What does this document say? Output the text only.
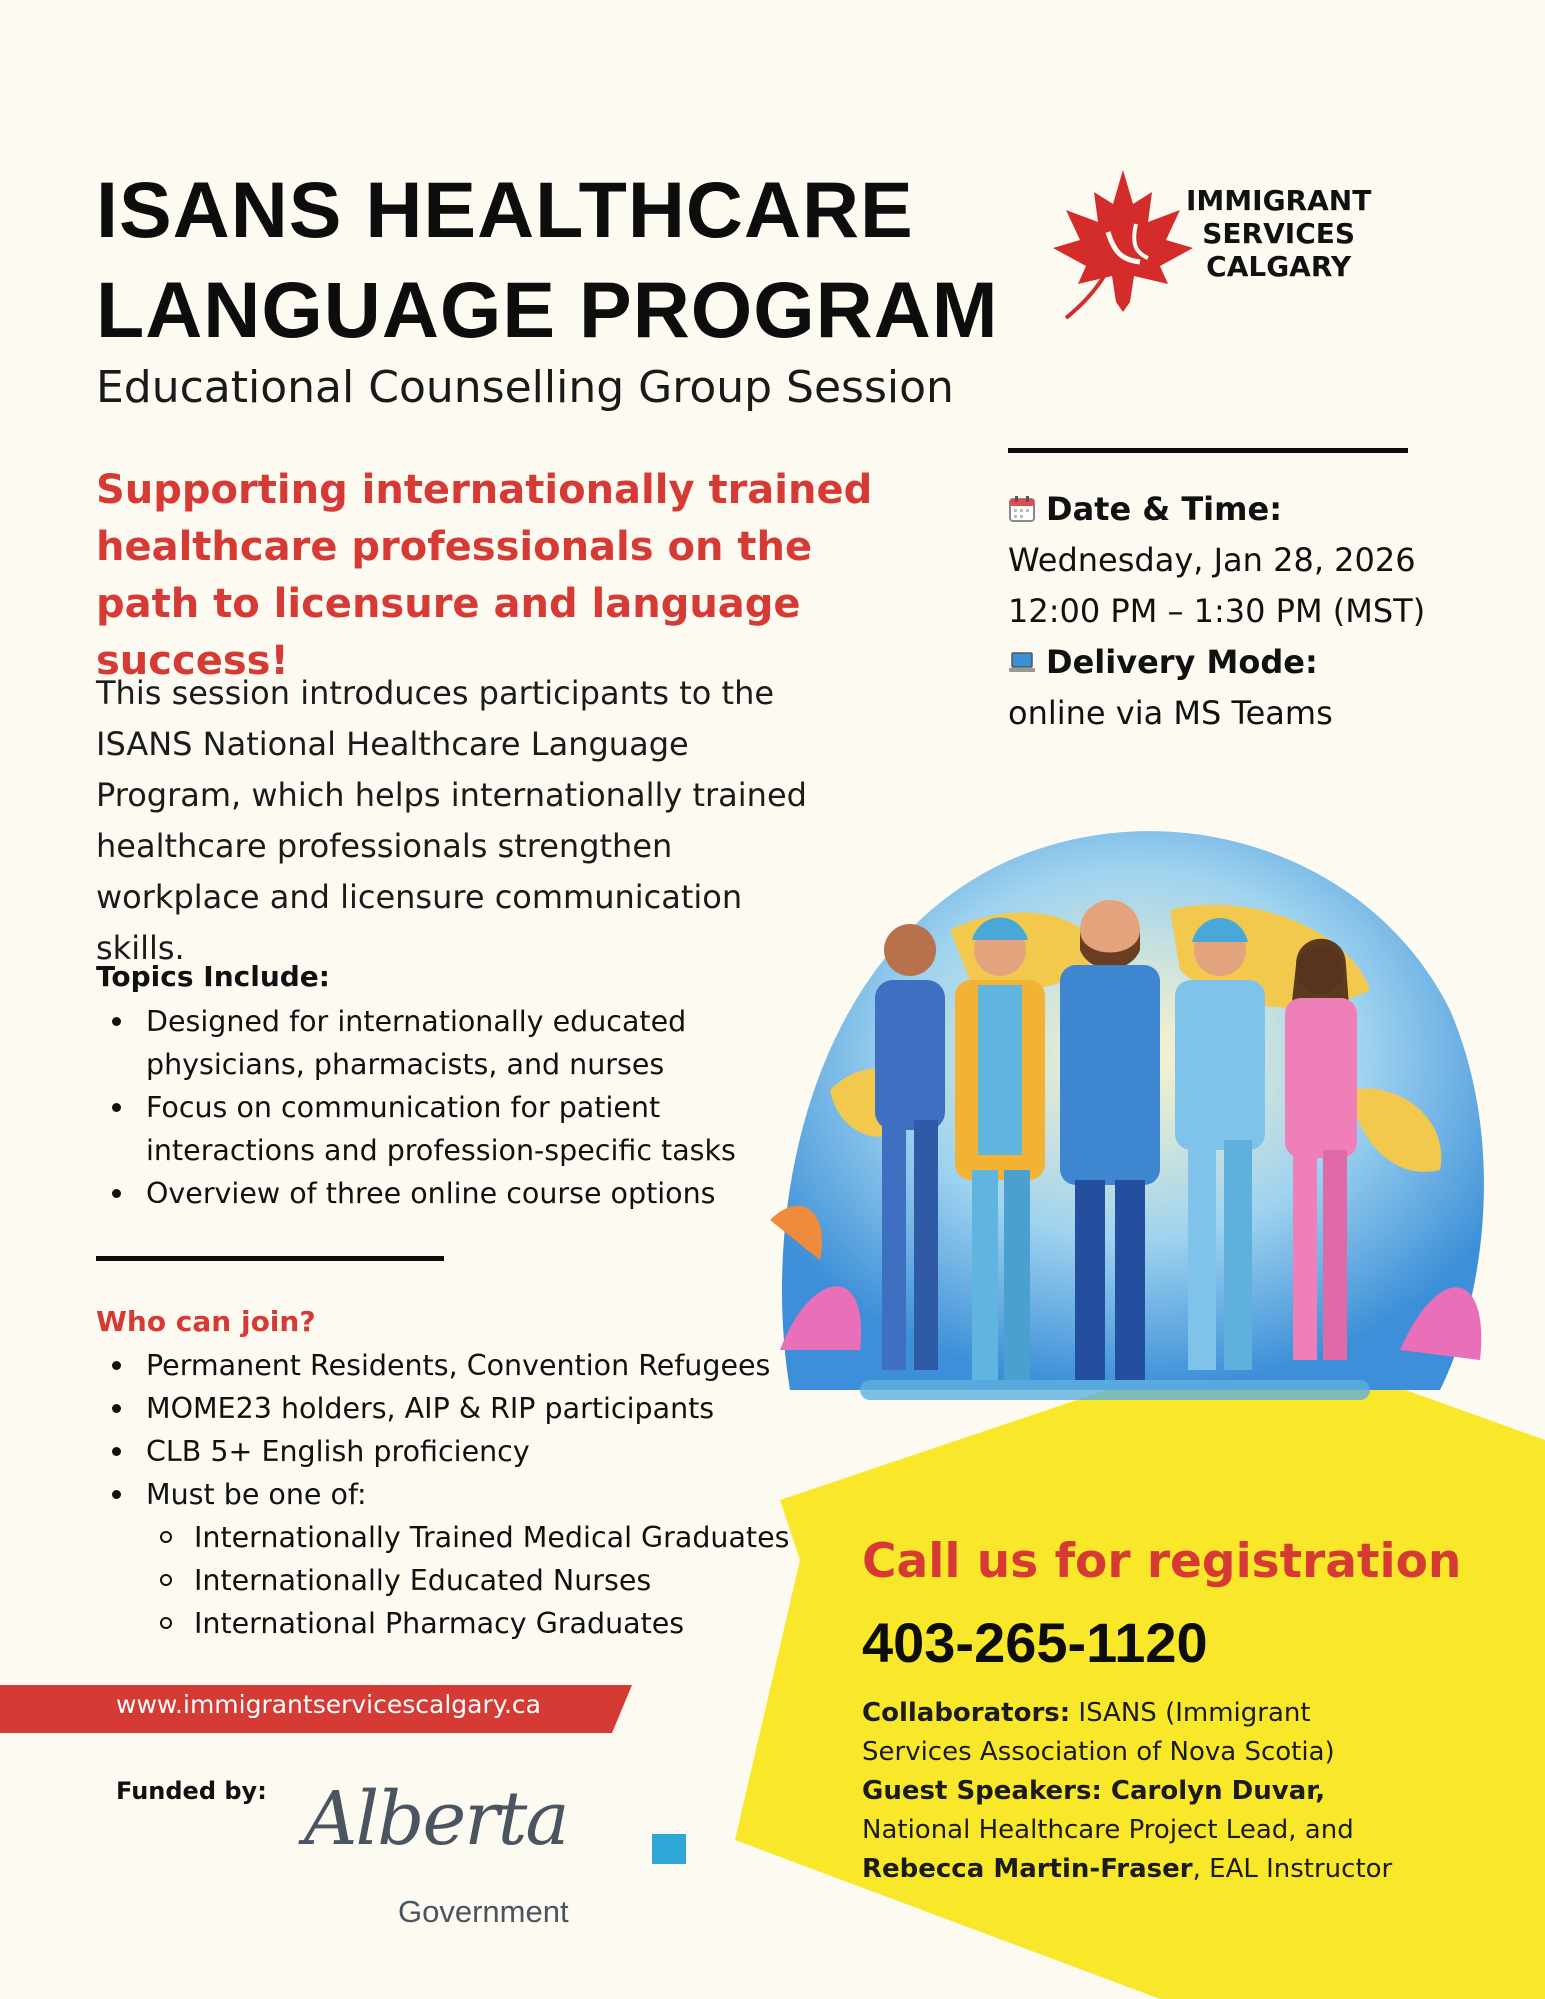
ISANS HEALTHCARE
LANGUAGE PROGRAM
Educational Counselling Group Session
IMMIGRANT
SERVICES
CALGARY
Supporting internationally trained healthcare professionals on the path to licensure and language success!
This session introduces participants to the ISANS National Healthcare Language Program, which helps internationally trained healthcare professionals strengthen workplace and licensure communication skills.
Topics Include:
Designed for internationally educated physicians, pharmacists, and nurses
Focus on communication for patient interactions and profession-specific tasks
Overview of three online course options
Who can join?
Permanent Residents, Convention Refugees
MOME23 holders, AIP & RIP participants
CLB 5+ English proficiency
Must be one of:
Internationally Trained Medical Graduates
Internationally Educated Nurses
International Pharmacy Graduates
Date & Time:
Wednesday, Jan 28, 2026
12:00 PM – 1:30 PM (MST)
Delivery Mode:
online via MS Teams
Call us for registration
403-265-1120
Collaborators: ISANS (Immigrant Services Association of Nova Scotia)
Guest Speakers: Carolyn Duvar, National Healthcare Project Lead, and
Rebecca Martin-Fraser, EAL Instructor
www.immigrantservicescalgary.ca
Funded by: Alberta
Government
